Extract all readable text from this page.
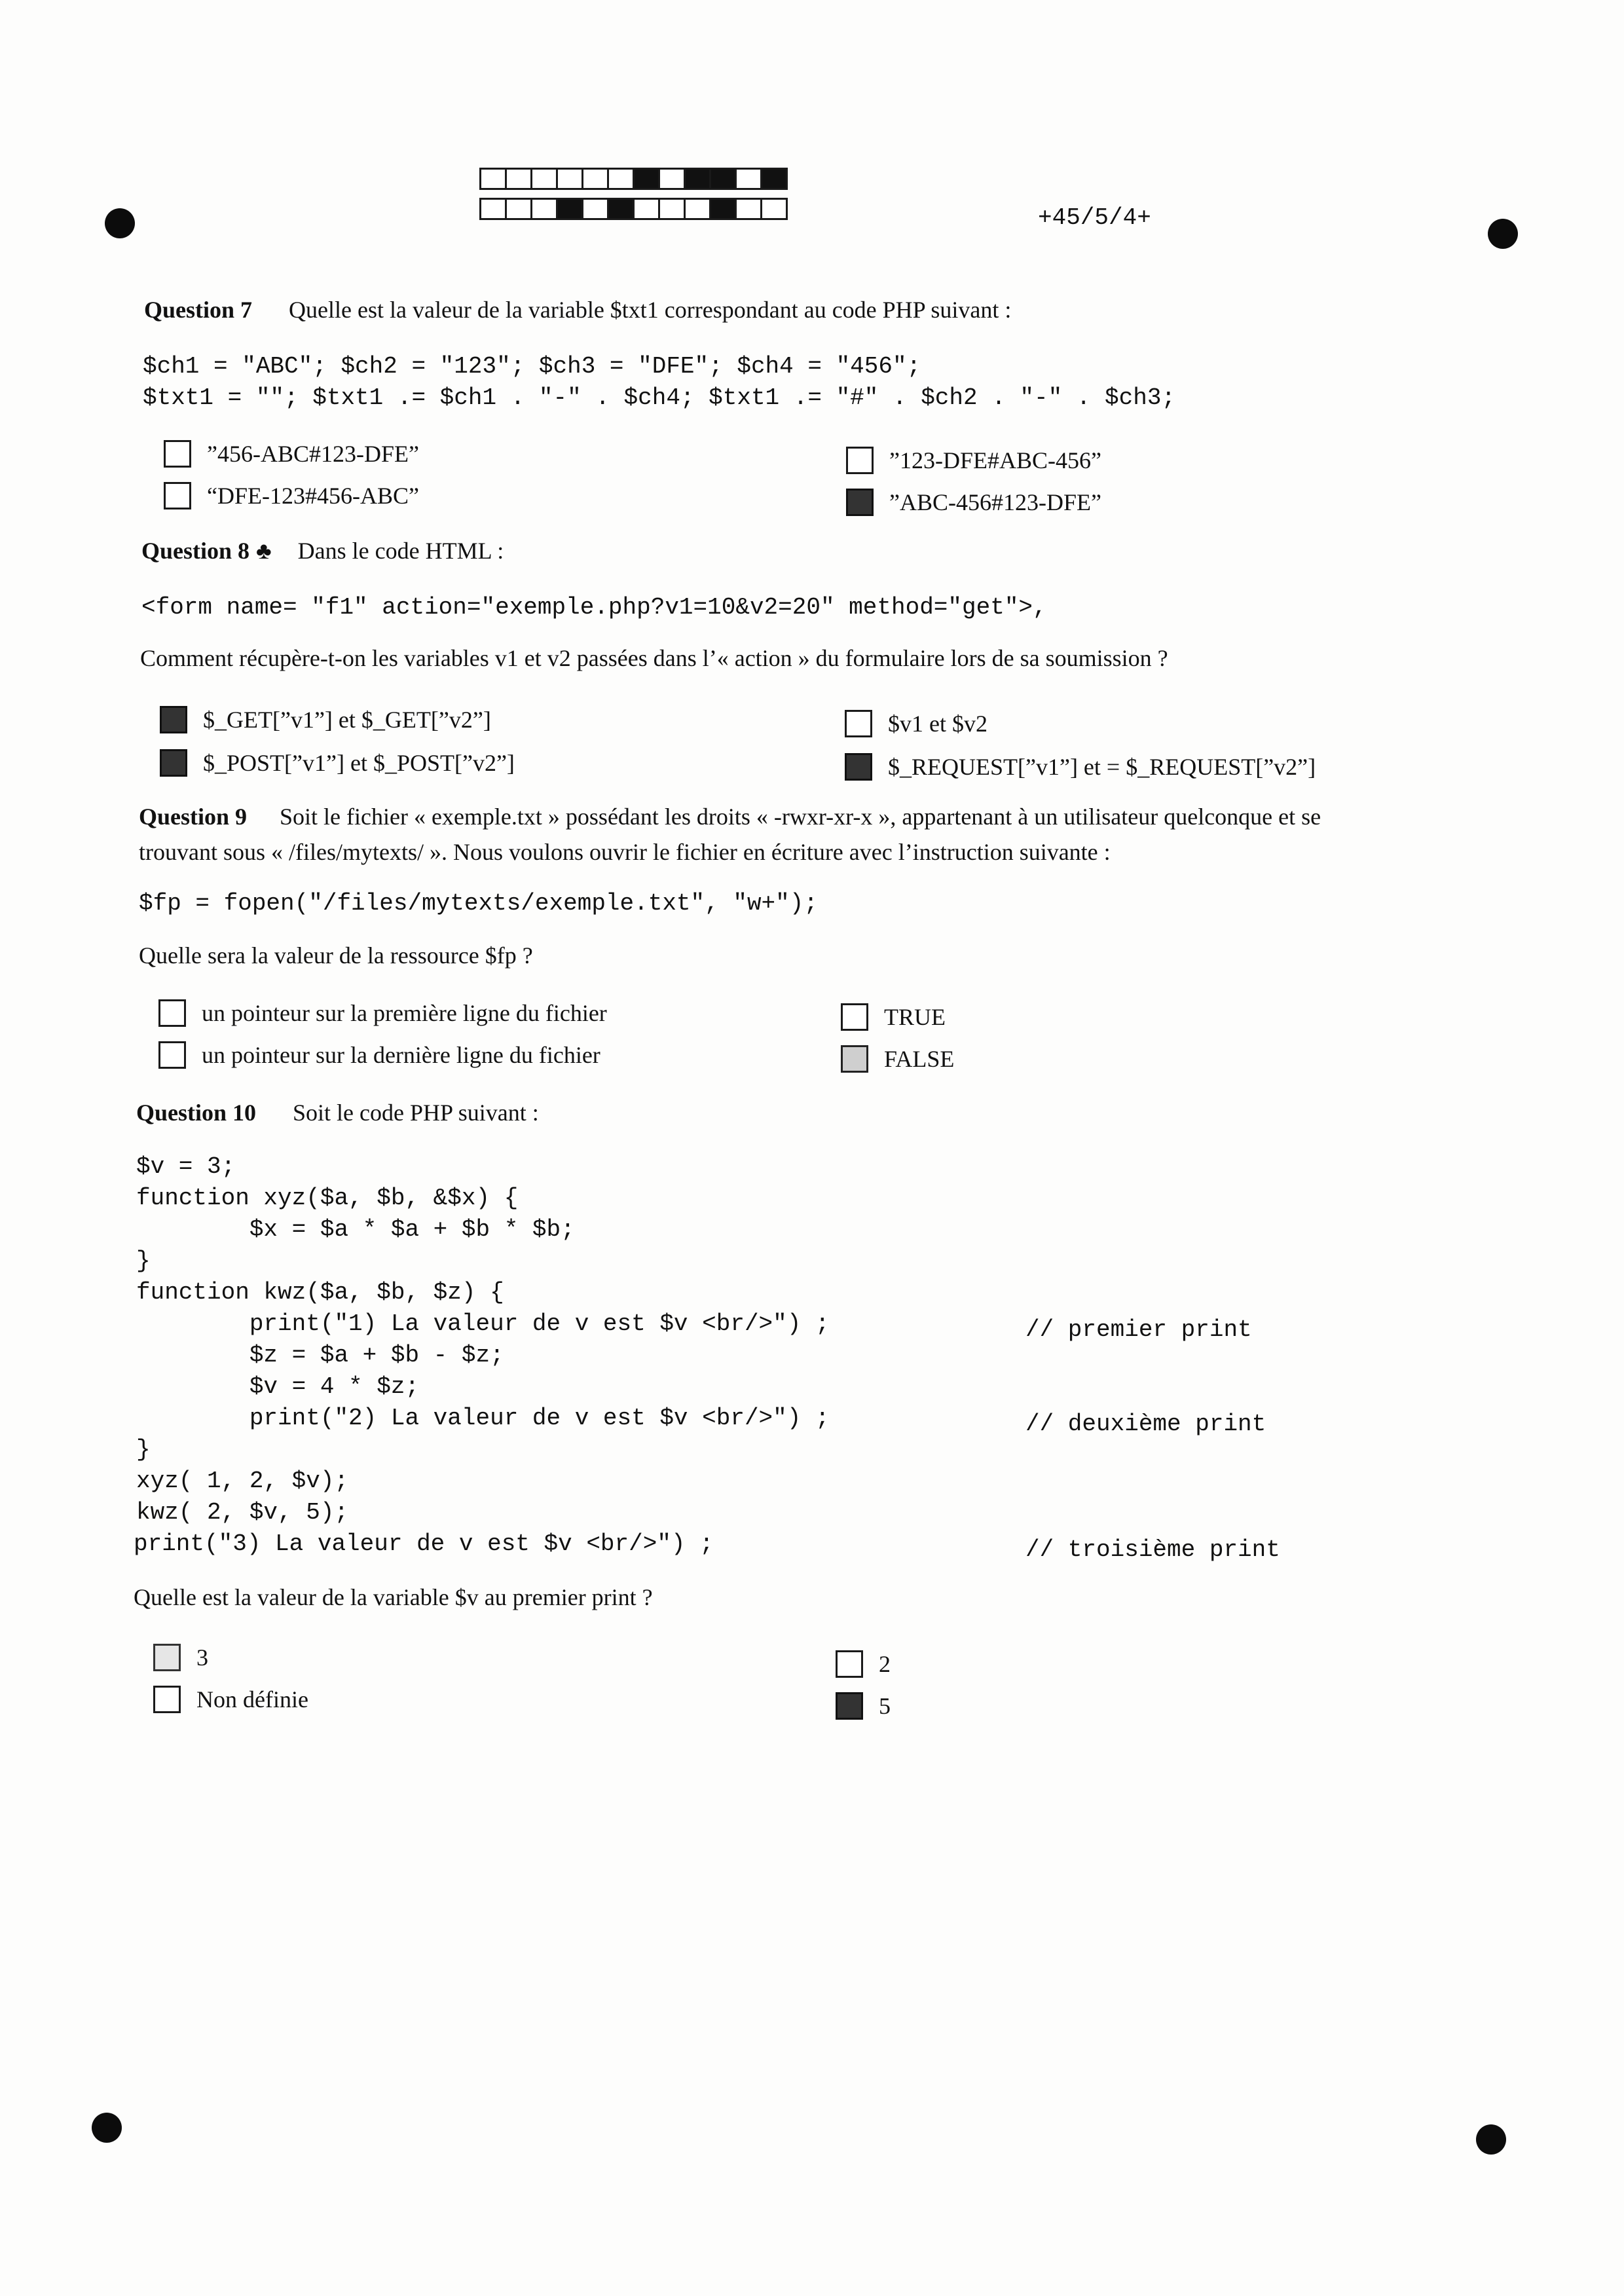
+45/5/4+
Question 7 Quelle est la valeur de la variable $txt1 correspondant au code PHP suivant :
$ch1 = "ABC"; $ch2 = "123"; $ch3 = "DFE"; $ch4 = "456";
$txt1 = ""; $txt1 .= $ch1 . "-" . $ch4; $txt1 .= "#" . $ch2 . "-" . $ch3;
”456-ABC#123-DFE”	”123-DFE#ABC-456”
“DFE-123#456-ABC”	”ABC-456#123-DFE”
Question 8 ♣ Dans le code HTML :
<form name= "f1" action="exemple.php?v1=10&v2=20" method="get">,
Comment récupère-t-on les variables v1 et v2 passées dans l’« action » du formulaire lors de sa soumission ?
$_GET[”v1”] et $_GET[”v2”]	$v1 et $v2
$_POST[”v1”] et $_POST[”v2”]	$_REQUEST[”v1”] et = $_REQUEST[”v2”]
Question 9 Soit le fichier « exemple.txt » possédant les droits « -rwxr-xr-x », appartenant à un utilisateur quelconque et se
trouvant sous « /files/mytexts/ ». Nous voulons ouvrir le fichier en écriture avec l’instruction suivante :
$fp = fopen("/files/mytexts/exemple.txt", "w+");
Quelle sera la valeur de la ressource $fp ?
un pointeur sur la première ligne du fichier	TRUE
un pointeur sur la dernière ligne du fichier	FALSE
Question 10 Soit le code PHP suivant :
$v = 3;
function xyz($a, $b, &$x) {
$x = $a * $a + $b * $b;
}
function kwz($a, $b, $z) {
print("1) La valeur de v est $v <br/>") ;
$z = $a + $b - $z;
$v = 4 * $z;
print("2) La valeur de v est $v <br/>") ;
}
xyz( 1, 2, $v);
kwz( 2, $v, 5);
print("3) La valeur de v est $v <br/>") ;
// premier print
// deuxième print
// troisième print
Quelle est la valeur de la variable $v au premier print ?
3	2
Non définie	5
